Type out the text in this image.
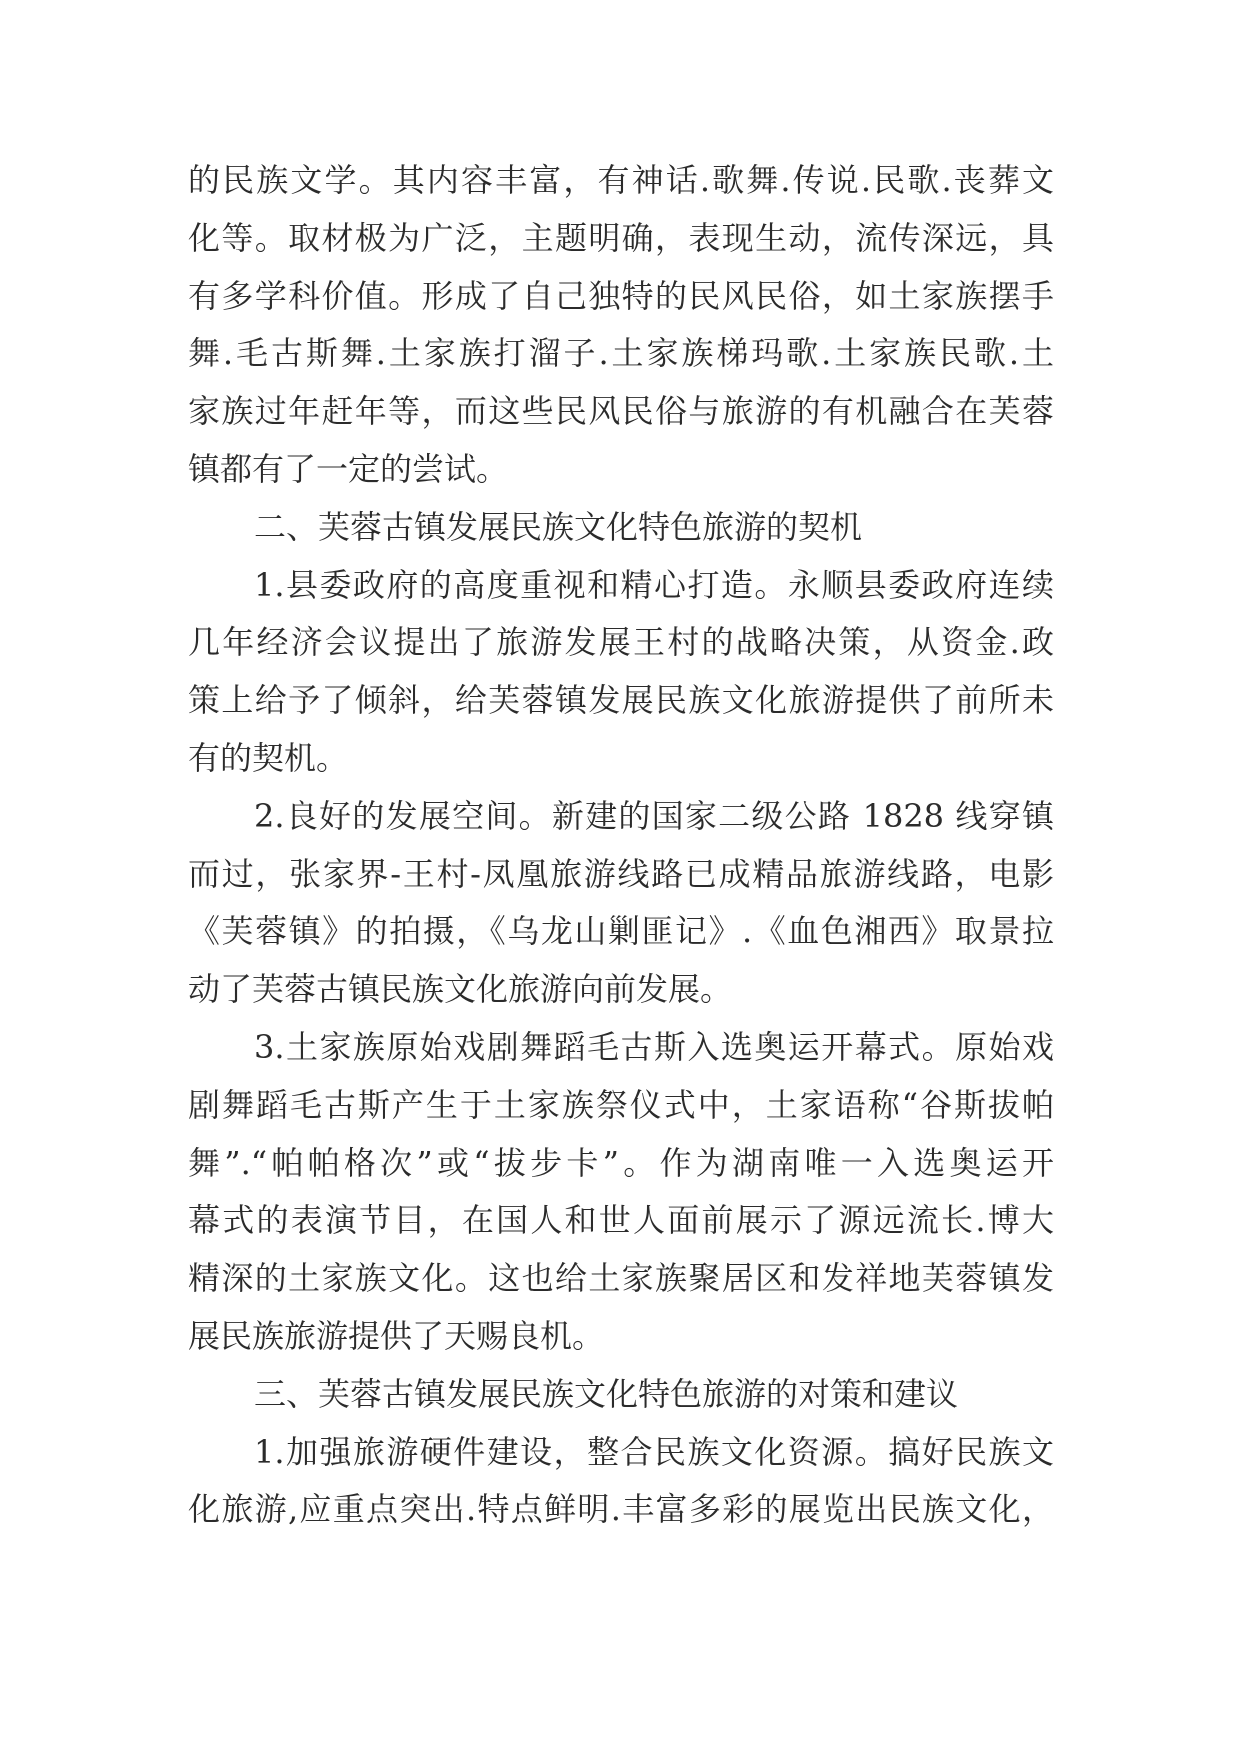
的民族文学。其内容丰富，有神话.歌舞.传说.民歌.丧葬文
化等。取材极为广泛，主题明确，表现生动，流传深远，具
有多学科价值。形成了自己独特的民风民俗，如土家族摆手
舞.毛古斯舞.土家族打溜子.土家族梯玛歌.土家族民歌.土
家族过年赶年等，而这些民风民俗与旅游的有机融合在芙蓉
镇都有了一定的尝试。
二、芙蓉古镇发展民族文化特色旅游的契机
1.县委政府的高度重视和精心打造。永顺县委政府连续
几年经济会议提出了旅游发展王村的战略决策，从资金.政
策上给予了倾斜，给芙蓉镇发展民族文化旅游提供了前所未
有的契机。
2.良好的发展空间。新建的国家二级公路 1828 线穿镇
而过，张家界-王村-凤凰旅游线路已成精品旅游线路，电影
《芙蓉镇》的拍摄，《乌龙山剿匪记》.《血色湘西》取景拉
动了芙蓉古镇民族文化旅游向前发展。
3.土家族原始戏剧舞蹈毛古斯入选奥运开幕式。原始戏
剧舞蹈毛古斯产生于土家族祭仪式中，土家语称“谷斯拔帕
舞”.“帕帕格次”或“拔步卡”。作为湖南唯一入选奥运开
幕式的表演节目，在国人和世人面前展示了源远流长.博大
精深的土家族文化。这也给土家族聚居区和发祥地芙蓉镇发
展民族旅游提供了天赐良机。
三、芙蓉古镇发展民族文化特色旅游的对策和建议
1.加强旅游硬件建设，整合民族文化资源。搞好民族文
化旅游,应重点突出.特点鲜明.丰富多彩的展览出民族文化，
